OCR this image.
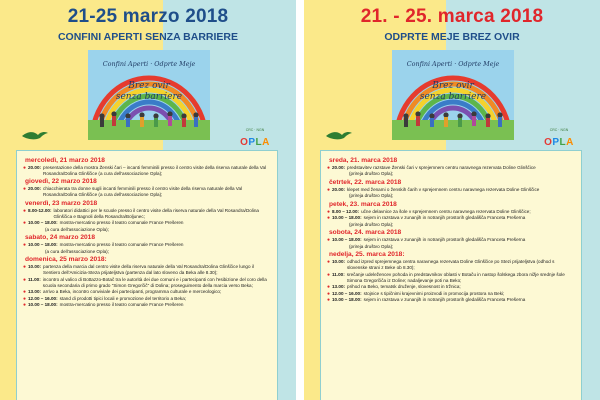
21-25 marzo 2018
CONFINI APERTI SENZA BARRIERE
Confini Aperti · Odprte Meje
Brez ovir
senza barriere
CRC · NGN
OPLA
mercoledì, 21 marzo 2018
● 20.00: presentazione della mostra Ženski čari – incanti femminili presso il centro visite della riserva naturale della Val Rosandra/Dolina Glinščice (a cura dell'associazione Opla);
giovedì, 22 marzo 2018
● 20.00: chiacchierata tra donne sugli incanti femminili presso il centro visite della riserva naturale della Val Rosandra/Dolina Glinščice (a cura dell'associazione Opla);
venerdì, 23 marzo 2018
● 8.00-12.00: laboratori didattici per le scuole presso il centro visite della riserva naturale della Val Rosandra/Dolina Glinščica e Bagnoli della Rosandra/Boljunec;
● 10.00 – 18.00: mostra-mercatino presso il teatro comunale France Prešeren
(a cura dell'associazione Opla);
sabato, 24 marzo 2018
● 10.00 – 18.00: mostra-mercatino presso il teatro comunale France Prešeren
(a cura dell'associazione Opla);
domenica, 25 marzo 2018:
● 10.00: partenza della marcia dal centro visite della riserva naturale della Val Rosandra/Dolina Glinščice lungo il Sentiero dell'Amicizia-Steza prijateljstva (partenza dal lato sloveno da Beka alle 8.30);
● 11.00: incontro al valico di Bottazzo-Botač tra le autorità dei due comuni e i partecipanti con l'esibizione del coro della scuola secondaria di primo grado "Simon Gregorčič" di Dolina; proseguimento della marcia verso Beka;
● 13.00: arrivo a Beka, incontro conviviale dei partecipanti, programma culturale e merceologico;
● 12.00 – 16.00: stand di prodotti tipici locali e promozione del territorio a Beka;
● 10.00 – 18.00: mostra-mercatino presso il teatro comunale France Prešeren
21. - 25. marca 2018
ODPRTE MEJE BREZ OVIR
Confini Aperti · Odprte Meje
Brez ovir
senza barriere
CRC · NGN
OPLA
sreda, 21. marca 2018
● 20.00: predstavitev razstave Ženski čari v sprejemnem centru naravnega rezervata Doline Glinščice
(prireja društvo Opla);
četrtek, 22. marca 2018
● 20.00: klepet med ženami o ženskih čarih v sprejemnem centru naravnega rezervata Doline Glinščice
(prireja društvo Opla);
petek, 23. marca 2018
● 8.00 – 12.00: učne delavnice za šole v sprejemnem centru naravnega rezervata Doline Glinščice;
● 10.00 – 18.00: sejem in razstava v zunanjih in notranjih prostorih gledališča Franceta Prešerna
(prireja društvo Opla);
sobota, 24. marca 2018
● 10.00 – 18.00: sejem in razstava v zunanjih in notranjih prostorih gledališča Franceta Prešerna
(prireja društvo Opla);
nedelja, 25. marca 2018:
● 10.00: odhod izpred sprejemnega centra naravnega rezervata Doline Glinščice po Stezi prijateljstva (odhod s slovenske strani z Beke ob 8.30);
● 11.00: srečanje udeležencev pohoda in predstavnikov oblasti v Botaču in nastop šolskega zbora nižje srednje šole Simona Gregorčiča iz Doline; nadaljevanje poti na Beko;
● 13.00: prihod na Beko, tematsk druženje, slovesnost in tržnica;
● 12.00 – 16.00: stojnice s tipičnimi krajevnimi proizvodi in promocija prostora na Beki;
● 10.00 – 18.00: sejem in razstava v zunanjih in notranjih prostorih gledališča Franceta Prešerna
